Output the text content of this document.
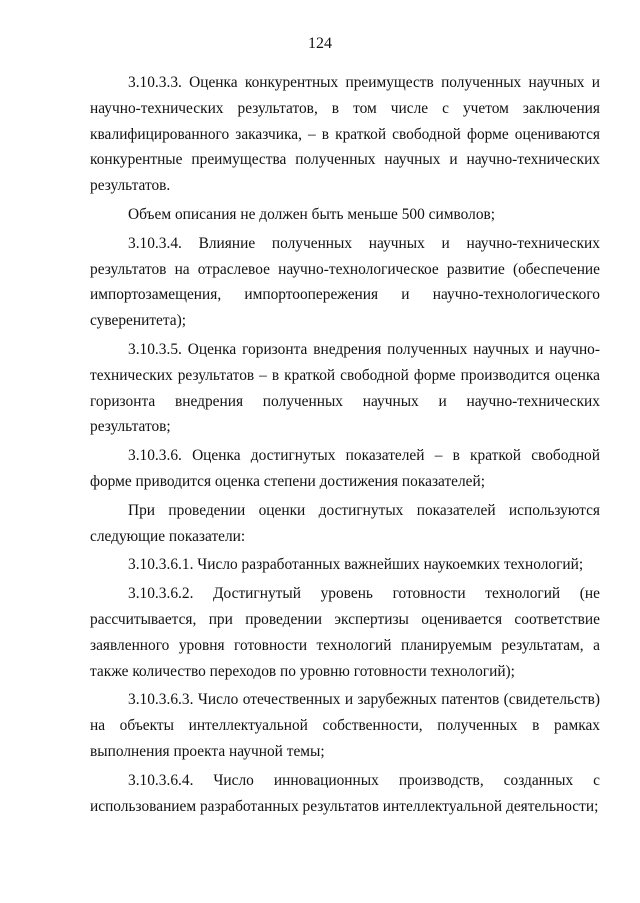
124

3.10.3.3. Оценка конкурентных преимуществ полученных научных и научно-технических результатов, в том числе с учетом заключения квалифицированного заказчика, – в краткой свободной форме оцениваются конкурентные преимущества полученных научных и научно-технических результатов.

Объем описания не должен быть меньше 500 символов;

3.10.3.4. Влияние полученных научных и научно-технических результатов на отраслевое научно-технологическое развитие (обеспечение импортозамещения, импортоопережения и научно-технологического суверенитета);

3.10.3.5. Оценка горизонта внедрения полученных научных и научно-технических результатов – в краткой свободной форме производится оценка горизонта внедрения полученных научных и научно-технических результатов;

3.10.3.6. Оценка достигнутых показателей – в краткой свободной форме приводится оценка степени достижения показателей;

При проведении оценки достигнутых показателей используются следующие показатели:

3.10.3.6.1. Число разработанных важнейших наукоемких технологий;

3.10.3.6.2. Достигнутый уровень готовности технологий (не рассчитывается, при проведении экспертизы оценивается соответствие заявленного уровня готовности технологий планируемым результатам, а также количество переходов по уровню готовности технологий);

3.10.3.6.3. Число отечественных и зарубежных патентов (свидетельств) на объекты интеллектуальной собственности, полученных в рамках выполнения проекта научной темы;

3.10.3.6.4. Число инновационных производств, созданных с использованием разработанных результатов интеллектуальной деятельности;
